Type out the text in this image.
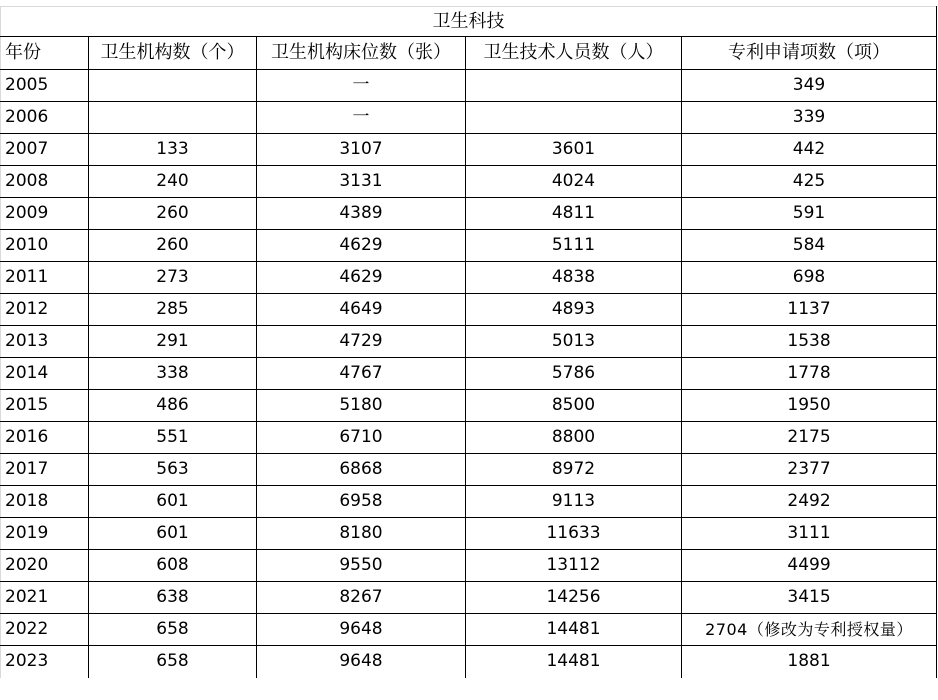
卫生科技				
年份	卫生机构数（个）	卫生机构床位数（张）	卫生技术人员数（人）	专利申请项数（项）
2005		一		349
2006		一		339
2007	133	3107	3601	442
2008	240	3131	4024	425
2009	260	4389	4811	591
2010	260	4629	5111	584
2011	273	4629	4838	698
2012	285	4649	4893	1137
2013	291	4729	5013	1538
2014	338	4767	5786	1778
2015	486	5180	8500	1950
2016	551	6710	8800	2175
2017	563	6868	8972	2377
2018	601	6958	9113	2492
2019	601	8180	11633	3111
2020	608	9550	13112	4499
2021	638	8267	14256	3415
2022	658	9648	14481	2704（修改为专利授权量）
2023	658	9648	14481	1881
